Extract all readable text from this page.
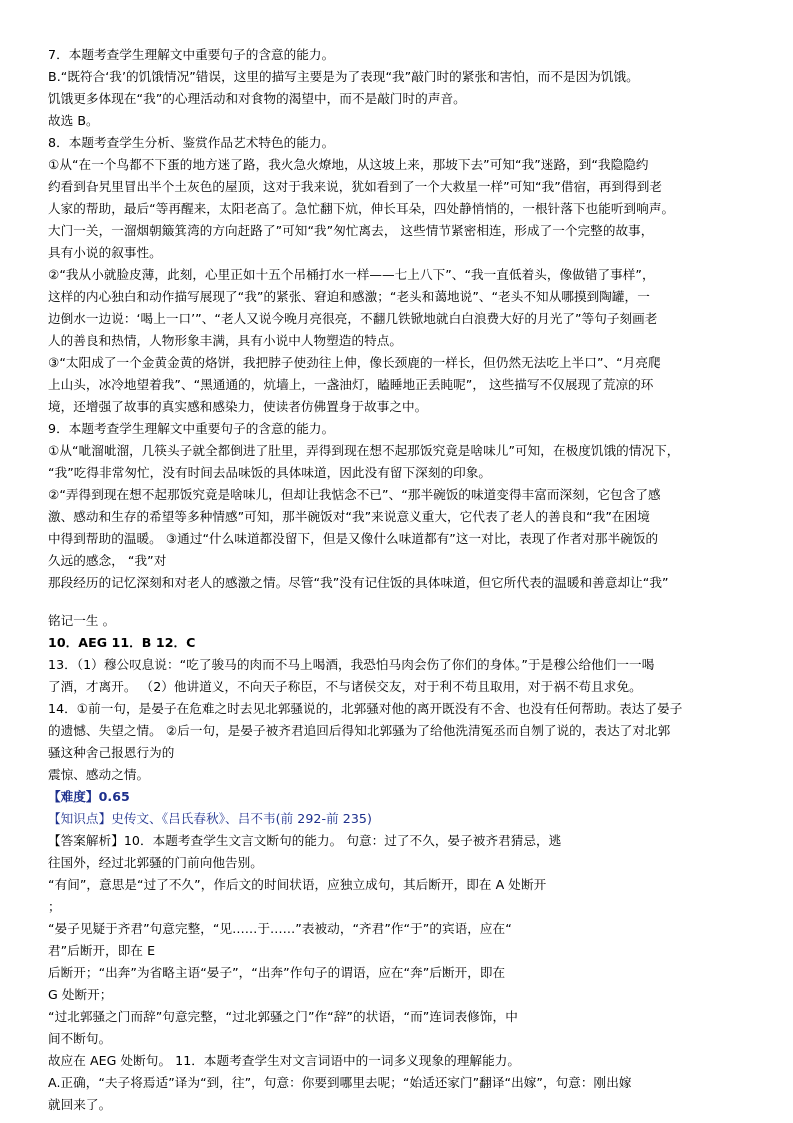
7．本题考查学生理解文中重要句子的含意的能力。
B.“既符合‘我’的饥饿情况”错误，这里的描写主要是为了表现“我”敲门时的紧张和害怕，而不是因为饥饿。
饥饿更多体现在“我”的心理活动和对食物的渴望中，而不是敲门时的声音。
故选 B。
8．本题考查学生分析、鉴赏作品艺术特色的能力。
①从“在一个鸟都不下蛋的地方迷了路，我火急火燎地，从这坡上来，那坡下去”可知“我”迷路，到“我隐隐约
约看到旮旯里冒出半个土灰色的屋顶，这对于我来说，犹如看到了一个大救星一样”可知“我”借宿，再到得到老
人家的帮助，最后“等再醒来，太阳老高了。急忙翻下炕，伸长耳朵，四处静悄悄的，一根针落下也能听到响声。
大门一关，一溜烟朝簸箕湾的方向赶路了”可知“我”匆忙离去， 这些情节紧密相连，形成了一个完整的故事，
具有小说的叙事性。
②“我从小就脸皮薄，此刻，心里正如十五个吊桶打水一样——七上八下”、“我一直低着头，像做错了事样”，
这样的内心独白和动作描写展现了“我”的紧张、窘迫和感激；“老头和蔼地说”、“老头不知从哪摸到陶罐，一
边倒水一边说：‘喝上一口’”、“老人又说今晚月亮很亮，不翻几铁锨地就白白浪费大好的月光了”等句子刻画老
人的善良和热情，人物形象丰满，具有小说中人物塑造的特点。
③“太阳成了一个金黄金黄的烙饼，我把脖子使劲往上伸，像长颈鹿的一样长，但仍然无法吃上半口”、“月亮爬
上山头，冰冷地望着我”、“黑通通的，炕墙上，一盏油灯，瞌睡地正丢盹呢”， 这些描写不仅展现了荒凉的环
境，还增强了故事的真实感和感染力，使读者仿佛置身于故事之中。
9．本题考查学生理解文中重要句子的含意的能力。
①从“呲溜呲溜，几筷头子就全都倒进了肚里，弄得到现在想不起那饭究竟是啥味儿”可知，在极度饥饿的情况下，
“我”吃得非常匆忙，没有时间去品味饭的具体味道，因此没有留下深刻的印象。
②“弄得到现在想不起那饭究竟是啥味儿，但却让我惦念不已”、“那半碗饭的味道变得丰富而深刻，它包含了感
激、感动和生存的希望等多种情感”可知，那半碗饭对“我”来说意义重大，它代表了老人的善良和“我”在困境
中得到帮助的温暖。 ③通过“什么味道都没留下，但是又像什么味道都有”这一对比，表现了作者对那半碗饭的
久远的感念， “我”对
那段经历的记忆深刻和对老人的感激之情。尽管“我”没有记住饭的具体味道，但它所代表的温暖和善意却让“我”
铭记一生 。
10．AEG 11．B 12．C
13．（1）穆公叹息说：“吃了骏马的肉而不马上喝酒，我恐怕马肉会伤了你们的身体。”于是穆公给他们一一喝
了酒，才离开。 （2）他讲道义，不向天子称臣，不与诸侯交友，对于利不苟且取用，对于祸不苟且求免。
14．①前一句，是晏子在危难之时去见北郭骚说的，北郭骚对他的离开既没有不舍、也没有任何帮助。表达了晏子
的遗憾、失望之情。 ②后一句，是晏子被齐君追回后得知北郭骚为了给他洗清冤丞而自刎了说的，表达了对北郭
骚这种舍己报恩行为的
震惊、感动之情。
【难度】0.65
【知识点】史传文、《吕氏春秋》、吕不韦(前 292-前 235)
【答案解析】10．本题考查学生文言文断句的能力。 句意：过了不久，晏子被齐君猜忌，逃
往国外，经过北郭骚的门前向他告别。
“有间”，意思是“过了不久”，作后文的时间状语，应独立成句，其后断开，即在 A 处断开
；
“晏子见疑于齐君”句意完整，“见……于……”表被动，“齐君”作“于”的宾语，应在“
君”后断开，即在 E
后断开；“出奔”为省略主语“晏子”，“出奔”作句子的谓语，应在“奔”后断开，即在
G 处断开；
“过北郭骚之门而辞”句意完整，“过北郭骚之门”作“辞”的状语，“而”连词表修饰，中
间不断句。
故应在 AEG 处断句。 11．本题考查学生对文言词语中的一词多义现象的理解能力。
A.正确，“夫子将焉适”译为“到，往”，句意：你要到哪里去呢；“始适还家门”翻译“出嫁”，句意：刚出嫁
就回来了。
